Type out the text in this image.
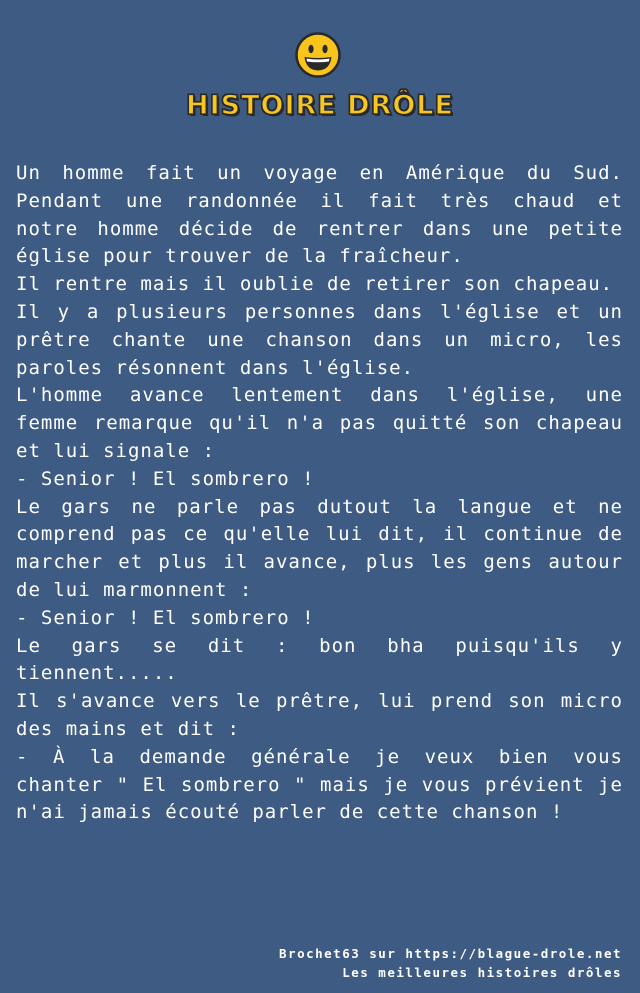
HISTOIRE DRÔLE

Un homme fait un voyage en Amérique du Sud. Pendant une randonnée il fait très chaud et notre homme décide de rentrer dans une petite église pour trouver de la fraîcheur.

Il rentre mais il oublie de retirer son chapeau.

Il y a plusieurs personnes dans l'église et un prêtre chante une chanson dans un micro, les paroles résonnent dans l'église.

L'homme avance lentement dans l'église, une femme remarque qu'il n'a pas quitté son chapeau et lui signale :

- Senior ! El sombrero !

Le gars ne parle pas dutout la langue et ne comprend pas ce qu'elle lui dit, il continue de marcher et plus il avance, plus les gens autour de lui marmonnent :

- Senior ! El sombrero !

Le gars se dit : bon bha puisqu'ils y tiennent.....

Il s'avance vers le prêtre, lui prend son micro des mains et dit :

- À la demande générale je veux bien vous chanter " El sombrero " mais je vous prévient je n'ai jamais écouté parler de cette chanson !

Brochet63 sur https://blague-drole.net
Les meilleures histoires drôles
